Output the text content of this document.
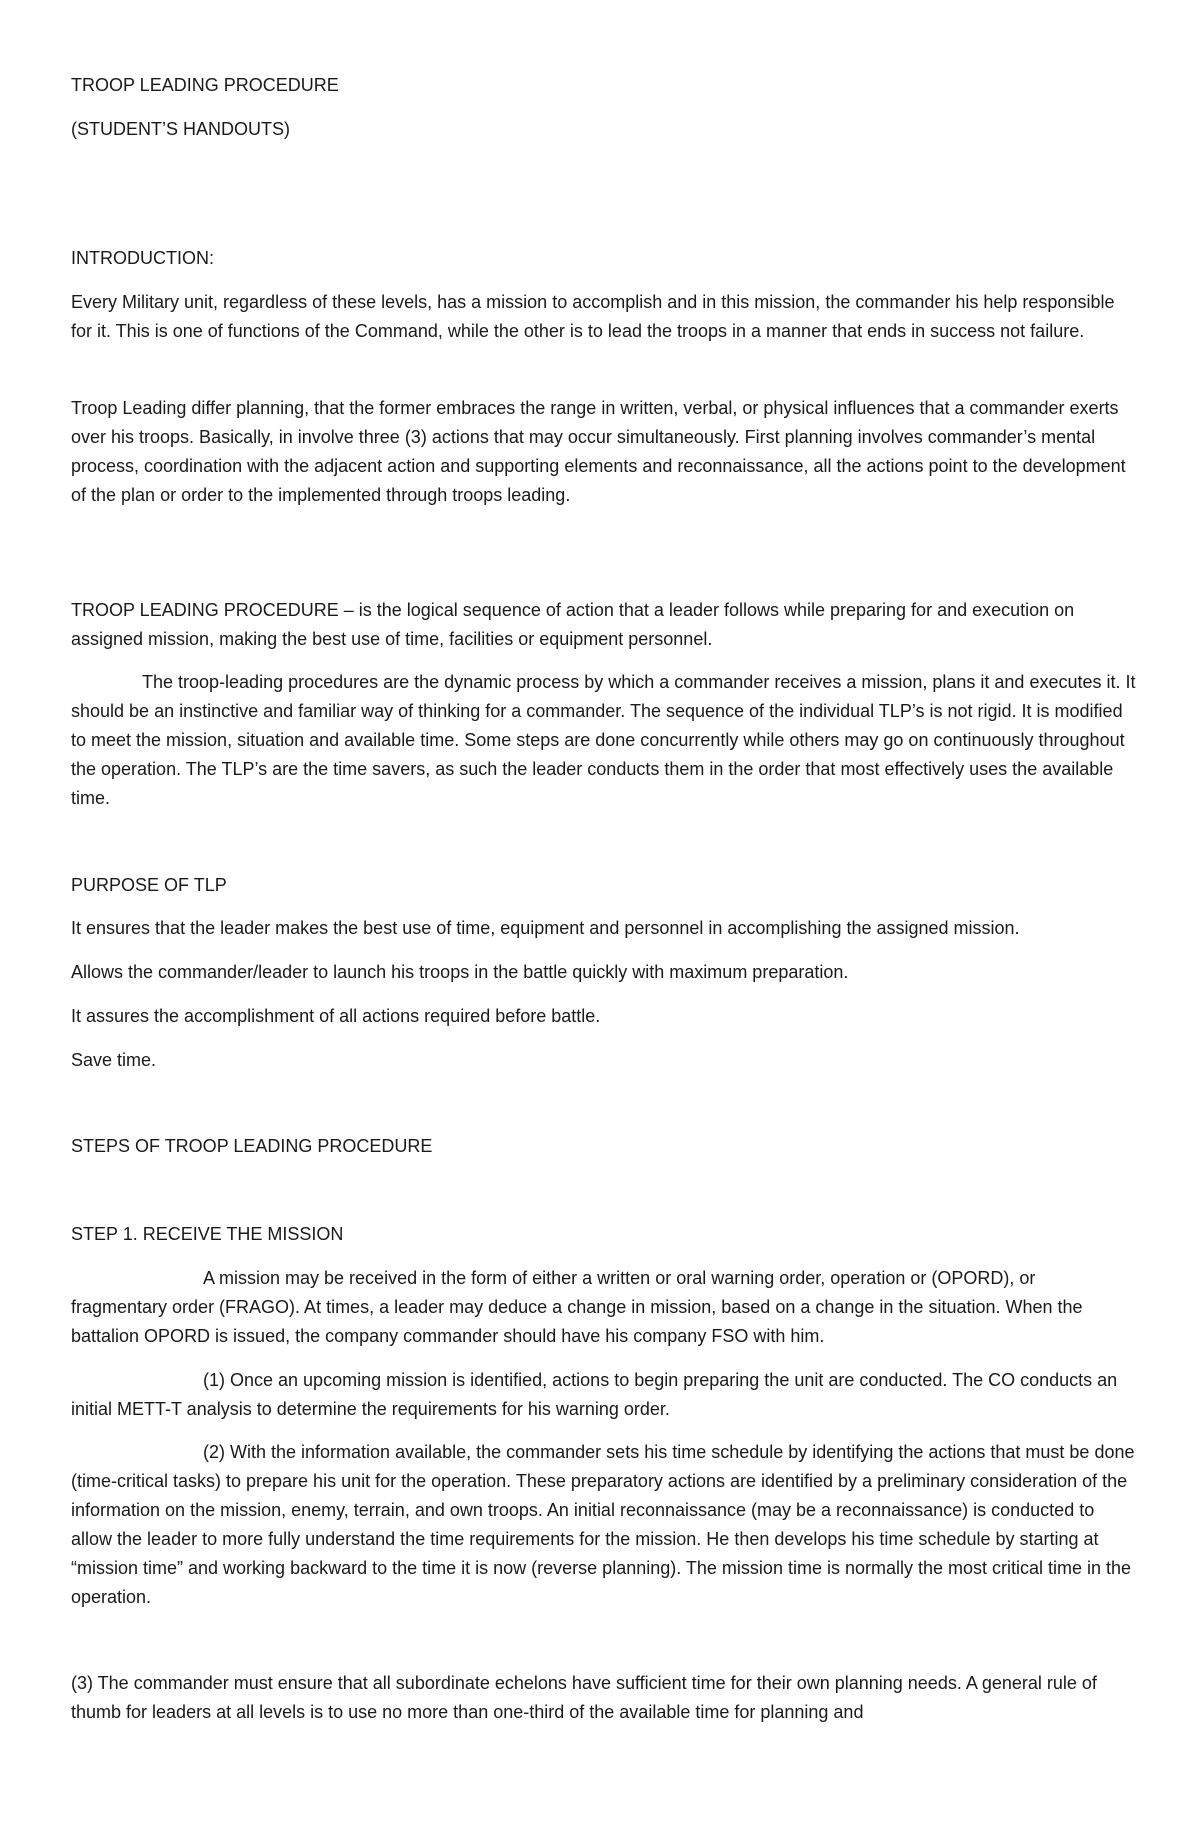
TROOP LEADING PROCEDURE

(STUDENT’S HANDOUTS)

INTRODUCTION:

Every Military unit, regardless of these levels, has a mission to accomplish and in this mission, the commander his help responsible for it. This is one of functions of the Command, while the other is to lead the troops in a manner that ends in success not failure.

Troop Leading differ planning, that the former embraces the range in written, verbal, or physical influences that a commander exerts over his troops. Basically, in involve three (3) actions that may occur simultaneously. First planning involves commander’s mental process, coordination with the adjacent action and supporting elements and reconnaissance, all the actions point to the development of the plan or order to the implemented through troops leading.

TROOP LEADING PROCEDURE – is the logical sequence of action that a leader follows while preparing for and execution on assigned mission, making the best use of time, facilities or equipment personnel.

The troop-leading procedures are the dynamic process by which a commander receives a mission, plans it and executes it. It should be an instinctive and familiar way of thinking for a commander. The sequence of the individual TLP’s is not rigid. It is modified to meet the mission, situation and available time. Some steps are done concurrently while others may go on continuously throughout the operation. The TLP’s are the time savers, as such the leader conducts them in the order that most effectively uses the available time.

PURPOSE OF TLP

It ensures that the leader makes the best use of time, equipment and personnel in accomplishing the assigned mission.

Allows the commander/leader to launch his troops in the battle quickly with maximum preparation.

It assures the accomplishment of all actions required before battle.

Save time.

STEPS OF TROOP LEADING PROCEDURE

STEP 1. RECEIVE THE MISSION

A mission may be received in the form of either a written or oral warning order, operation or (OPORD), or fragmentary order (FRAGO). At times, a leader may deduce a change in mission, based on a change in the situation. When the battalion OPORD is issued, the company commander should have his company FSO with him.

(1) Once an upcoming mission is identified, actions to begin preparing the unit are conducted. The CO conducts an initial METT-T analysis to determine the requirements for his warning order.

(2) With the information available, the commander sets his time schedule by identifying the actions that must be done (time-critical tasks) to prepare his unit for the operation. These preparatory actions are identified by a preliminary consideration of the information on the mission, enemy, terrain, and own troops. An initial reconnaissance (may be a reconnaissance) is conducted to allow the leader to more fully understand the time requirements for the mission. He then develops his time schedule by starting at “mission time” and working backward to the time it is now (reverse planning). The mission time is normally the most critical time in the operation.

(3) The commander must ensure that all subordinate echelons have sufficient time for their own planning needs. A general rule of thumb for leaders at all levels is to use no more than one-third of the available time for planning and
